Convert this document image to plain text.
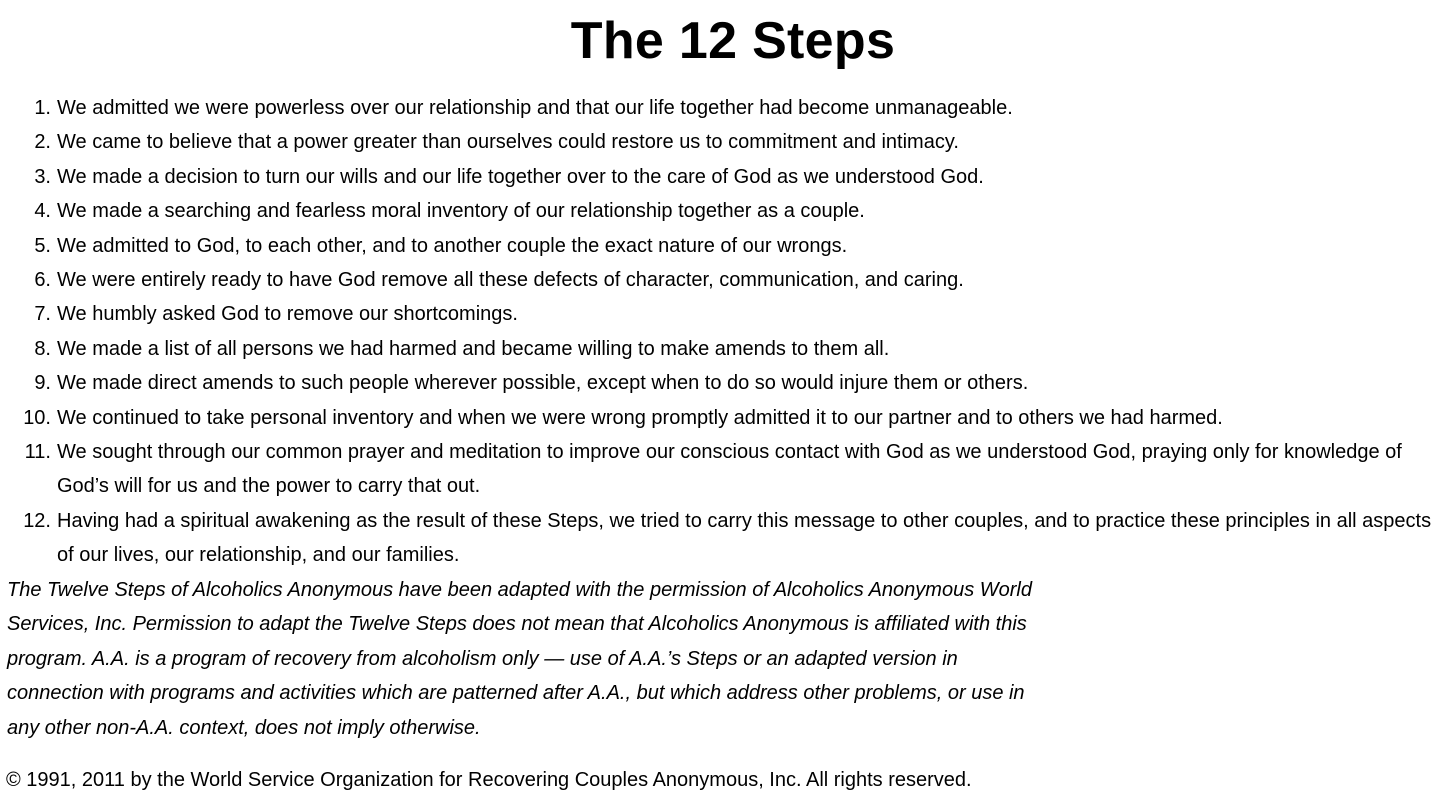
The 12 Steps
1. We admitted we were powerless over our relationship and that our life together had become unmanageable.
2. We came to believe that a power greater than ourselves could restore us to commitment and intimacy.
3. We made a decision to turn our wills and our life together over to the care of God as we understood God.
4. We made a searching and fearless moral inventory of our relationship together as a couple.
5. We admitted to God, to each other, and to another couple the exact nature of our wrongs.
6. We were entirely ready to have God remove all these defects of character, communication, and caring.
7. We humbly asked God to remove our shortcomings.
8. We made a list of all persons we had harmed and became willing to make amends to them all.
9. We made direct amends to such people wherever possible, except when to do so would injure them or others.
10. We continued to take personal inventory and when we were wrong promptly admitted it to our partner and to others we had harmed.
11. We sought through our common prayer and meditation to improve our conscious contact with God as we understood God, praying only for knowledge of God’s will for us and the power to carry that out.
12. Having had a spiritual awakening as the result of these Steps, we tried to carry this message to other couples, and to practice these principles in all aspects of our lives, our relationship, and our families.

The Twelve Steps of Alcoholics Anonymous have been adapted with the permission of Alcoholics Anonymous World Services, Inc. Permission to adapt the Twelve Steps does not mean that Alcoholics Anonymous is affiliated with this program. A.A. is a program of recovery from alcoholism only — use of A.A.’s Steps or an adapted version in connection with programs and activities which are patterned after A.A., but which address other problems, or use in any other non-A.A. context, does not imply otherwise.

© 1991, 2011 by the World Service Organization for Recovering Couples Anonymous, Inc. All rights reserved.
